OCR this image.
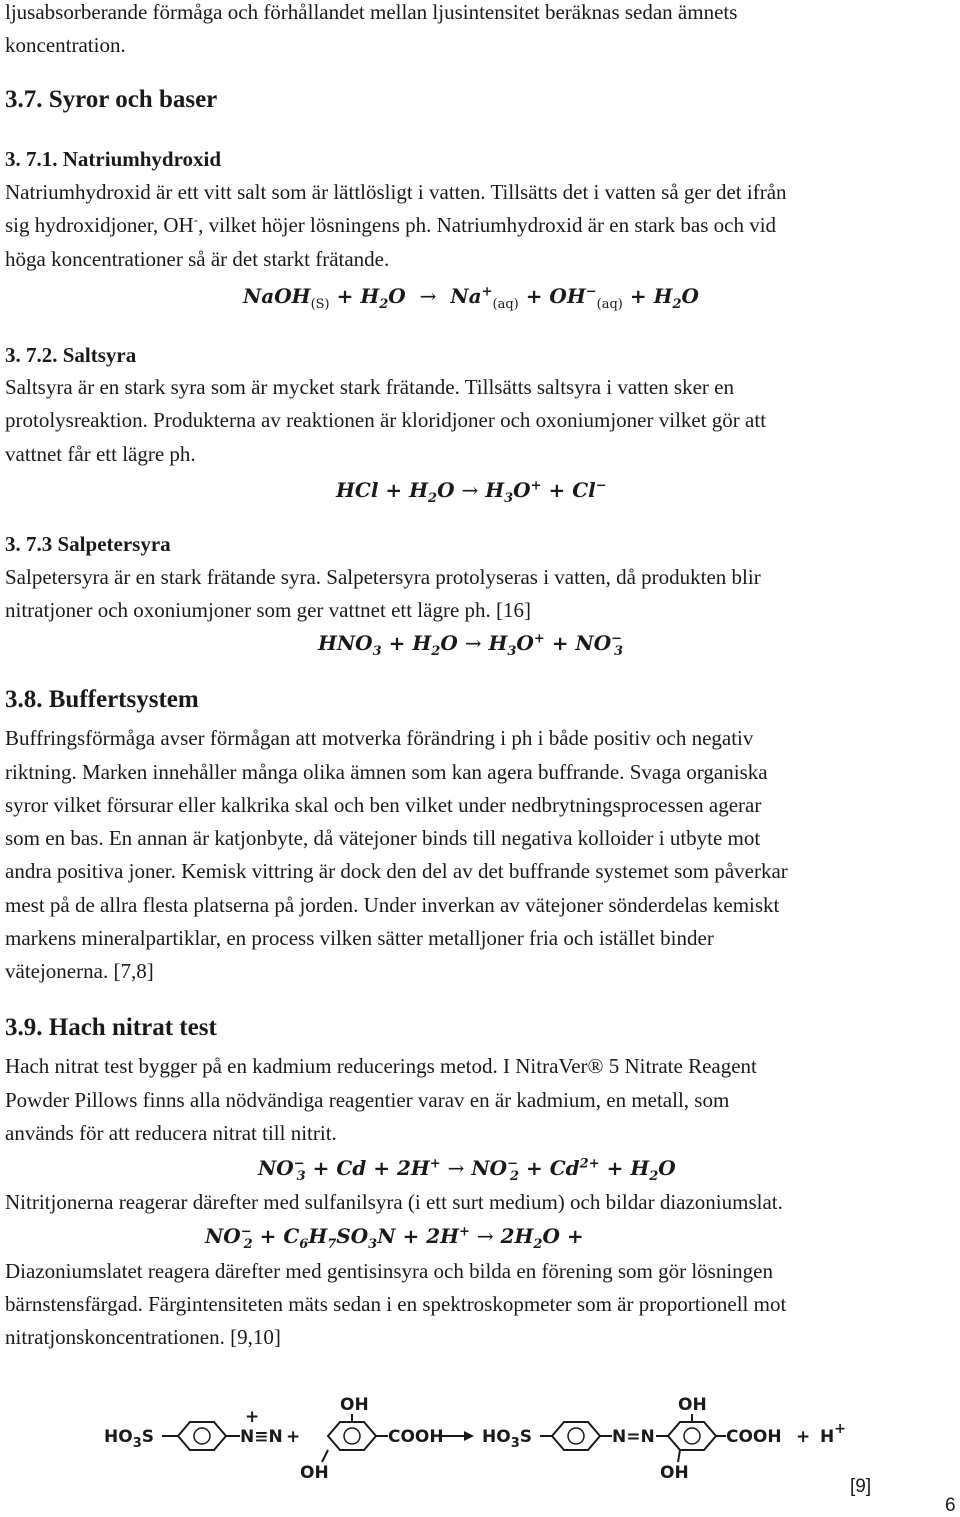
ljusabsorberande förmåga och förhållandet mellan ljusintensitet beräknas sedan ämnets
koncentration.
3.7. Syror och baser
3. 7.1. Natriumhydroxid
Natriumhydroxid är ett vitt salt som är lättlösligt i vatten. Tillsätts det i vatten så ger det ifrån
sig hydroxidjoner, OH-, vilket höjer lösningens ph. Natriumhydroxid är en stark bas och vid
höga koncentrationer så är det starkt frätande.
NaOH$_{(S)}$ + $H_2O \to Na^+_{(aq)} + OH^-_{(aq)} + H_2O$
3. 7.2. Saltsyra
Saltsyra är en stark syra som är mycket stark frätande. Tillsätts saltsyra i vatten sker en
protolysreaktion. Produkterna av reaktionen är kloridjoner och oxoniumjoner vilket gör att
vattnet får ett lägre ph.
HCl + $H_2O \to H_3O^+ + Cl^-$
3. 7.3 Salpetersyra
Salpetersyra är en stark frätande syra. Salpetersyra protolyseras i vatten, då produkten blir
nitratjoner och oxoniumjoner som ger vattnet ett lägre ph. [16]
$HNO_3 + H_2O \to H_3O^+ + NO^-_3$
3.8. Buffertsystem
Buffringsförmåga avser förmågan att motverka förändring i ph i både positiv och negativ
riktning. Marken innehåller många olika ämnen som kan agera buffrande. Svaga organiska
syror vilket försurar eller kalkrika skal och ben vilket under nedbrytningsprocessen agerar
som en bas. En annan är katjonbyte, då vätejoner binds till negativa kolloider i utbyte mot
andra positiva joner. Kemisk vittring är dock den del av det buffrande systemet som påverkar
mest på de allra flesta platserna på jorden. Under inverkan av vätejoner sönderdelas kemiskt
markens mineralpartiklar, en process vilken sätter metalljoner fria och istället binder
vätejonerna. [7,8]
3.9. Hach nitrat test
Hach nitrat test bygger på en kadmium reducerings metod. I NitraVer® 5 Nitrate Reagent
Powder Pillows finns alla nödvändiga reagentier varav en är kadmium, en metall, som
används för att reducera nitrat till nitrit.
$NO^-_3 + Cd + 2H^+ \to NO^-_2 + Cd^{2+} + H_2O$
Nitritjonerna reagerar därefter med sulfanilsyra (i ett surt medium) och bildar diazoniumslat.
$NO^-_2 + C_6H_7SO_3N + 2H^+ \to 2H_2O$ +
Diazoniumslatet reagera därefter med gentisinsyra och bilda en förening som gör lösningen
bärnstensfärgad. Färgintensiteten mäts sedan i en spektroskopmeter som är proportionell mot
nitratjonskoncentrationen. [9,10]
$HO_3S$	N≡N
+
+
OH
COOH
OH
$HO_3S$	N=N
OH
COOH
OH
+ H+
[9]
6
